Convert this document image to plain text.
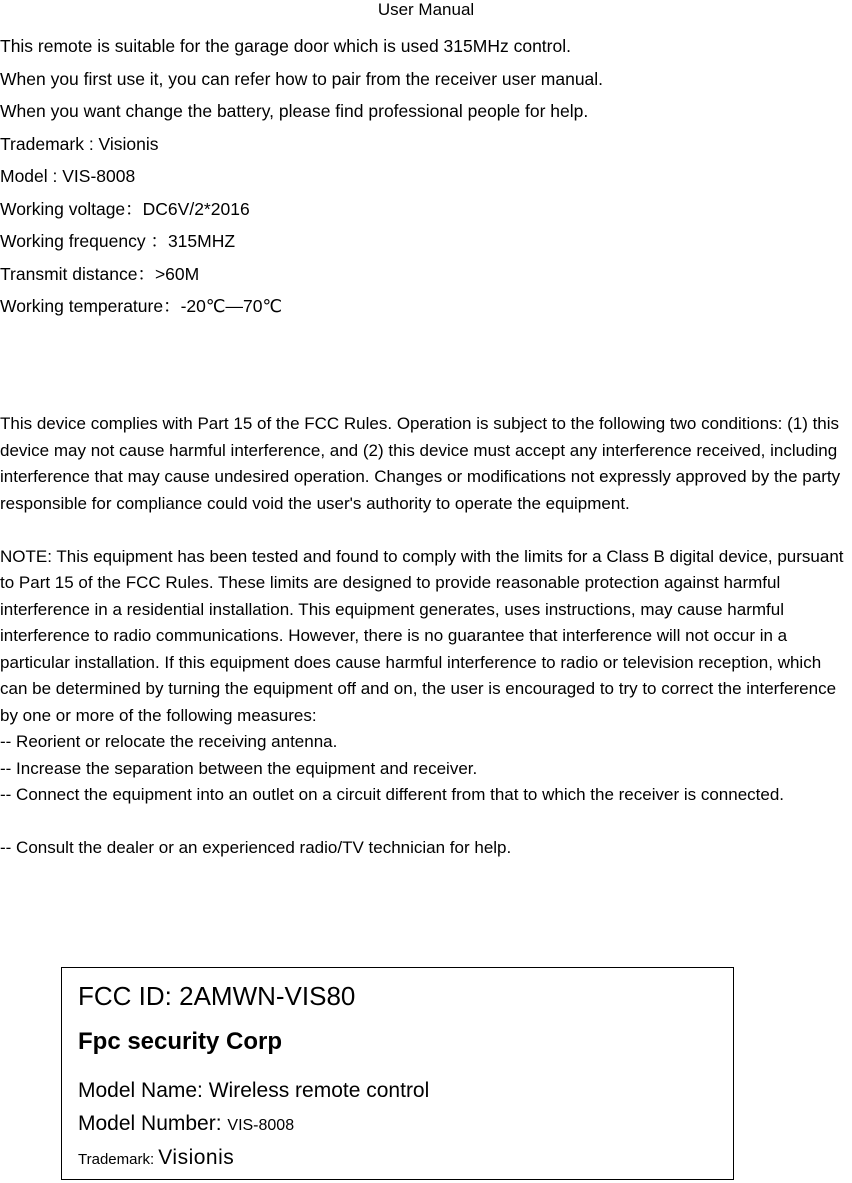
User Manual
This remote is suitable for the garage door which is used 315MHz control.
When you first use it, you can refer how to pair from the receiver user manual.
When you want change the battery, please find professional people for help.
Trademark : Visionis
Model : VIS-8008
Working voltage：DC6V/2*2016
Working frequency ：315MHZ
Transmit distance：>60M
Working temperature：-20℃—70℃

This device complies with Part 15 of the FCC Rules. Operation is subject to the following two conditions: (1) this device may not cause harmful interference, and (2) this device must accept any interference received, including interference that may cause undesired operation. Changes or modifications not expressly approved by the party responsible for compliance could void the user's authority to operate the equipment.

NOTE: This equipment has been tested and found to comply with the limits for a Class B digital device, pursuant to Part 15 of the FCC Rules. These limits are designed to provide reasonable protection against harmful interference in a residential installation. This equipment generates, uses instructions, may cause harmful interference to radio communications. However, there is no guarantee that interference will not occur in a particular installation. If this equipment does cause harmful interference to radio or television reception, which can be determined by turning the equipment off and on, the user is encouraged to try to correct the interference by one or more of the following measures:

-- Reorient or relocate the receiving antenna.

-- Increase the separation between the equipment and receiver.

-- Connect the equipment into an outlet on a circuit different from that to which the receiver is connected.

-- Consult the dealer or an experienced radio/TV technician for help.

FCC ID: 2AMWN-VIS80
Fpc security Corp
Model Name: Wireless remote control
Model Number: VIS-8008
Trademark: Visionis
